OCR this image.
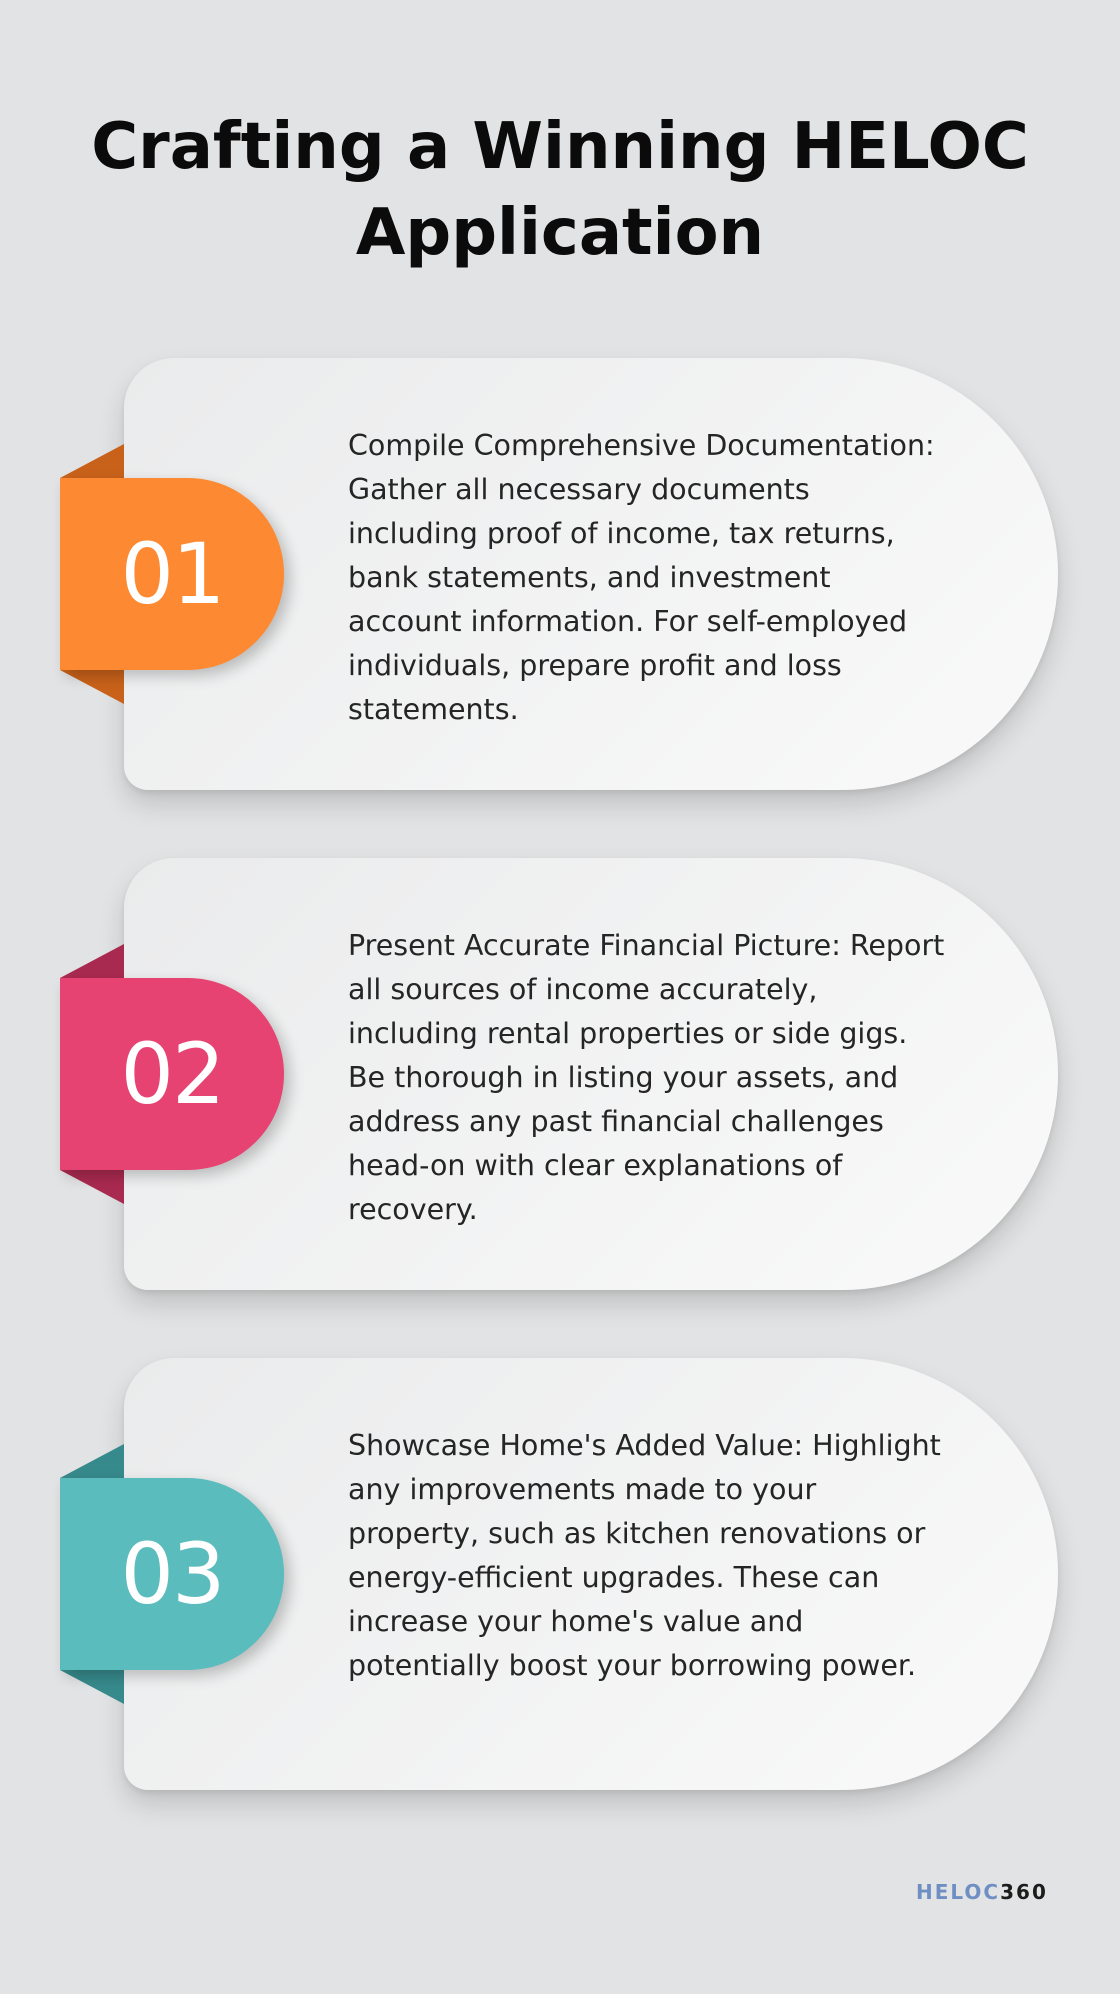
Crafting a Winning HELOC
Application
01

Compile Comprehensive Documentation: Gather all necessary documents including proof of income, tax returns, bank statements, and investment account information. For self-employed individuals, prepare profit and loss statements.

02

Present Accurate Financial Picture: Report all sources of income accurately, including rental properties or side gigs. Be thorough in listing your assets, and address any past financial challenges head-on with clear explanations of recovery.

03

Showcase Home's Added Value: Highlight any improvements made to your property, such as kitchen renovations or energy-efficient upgrades. These can increase your home's value and potentially boost your borrowing power.

HELOC360
